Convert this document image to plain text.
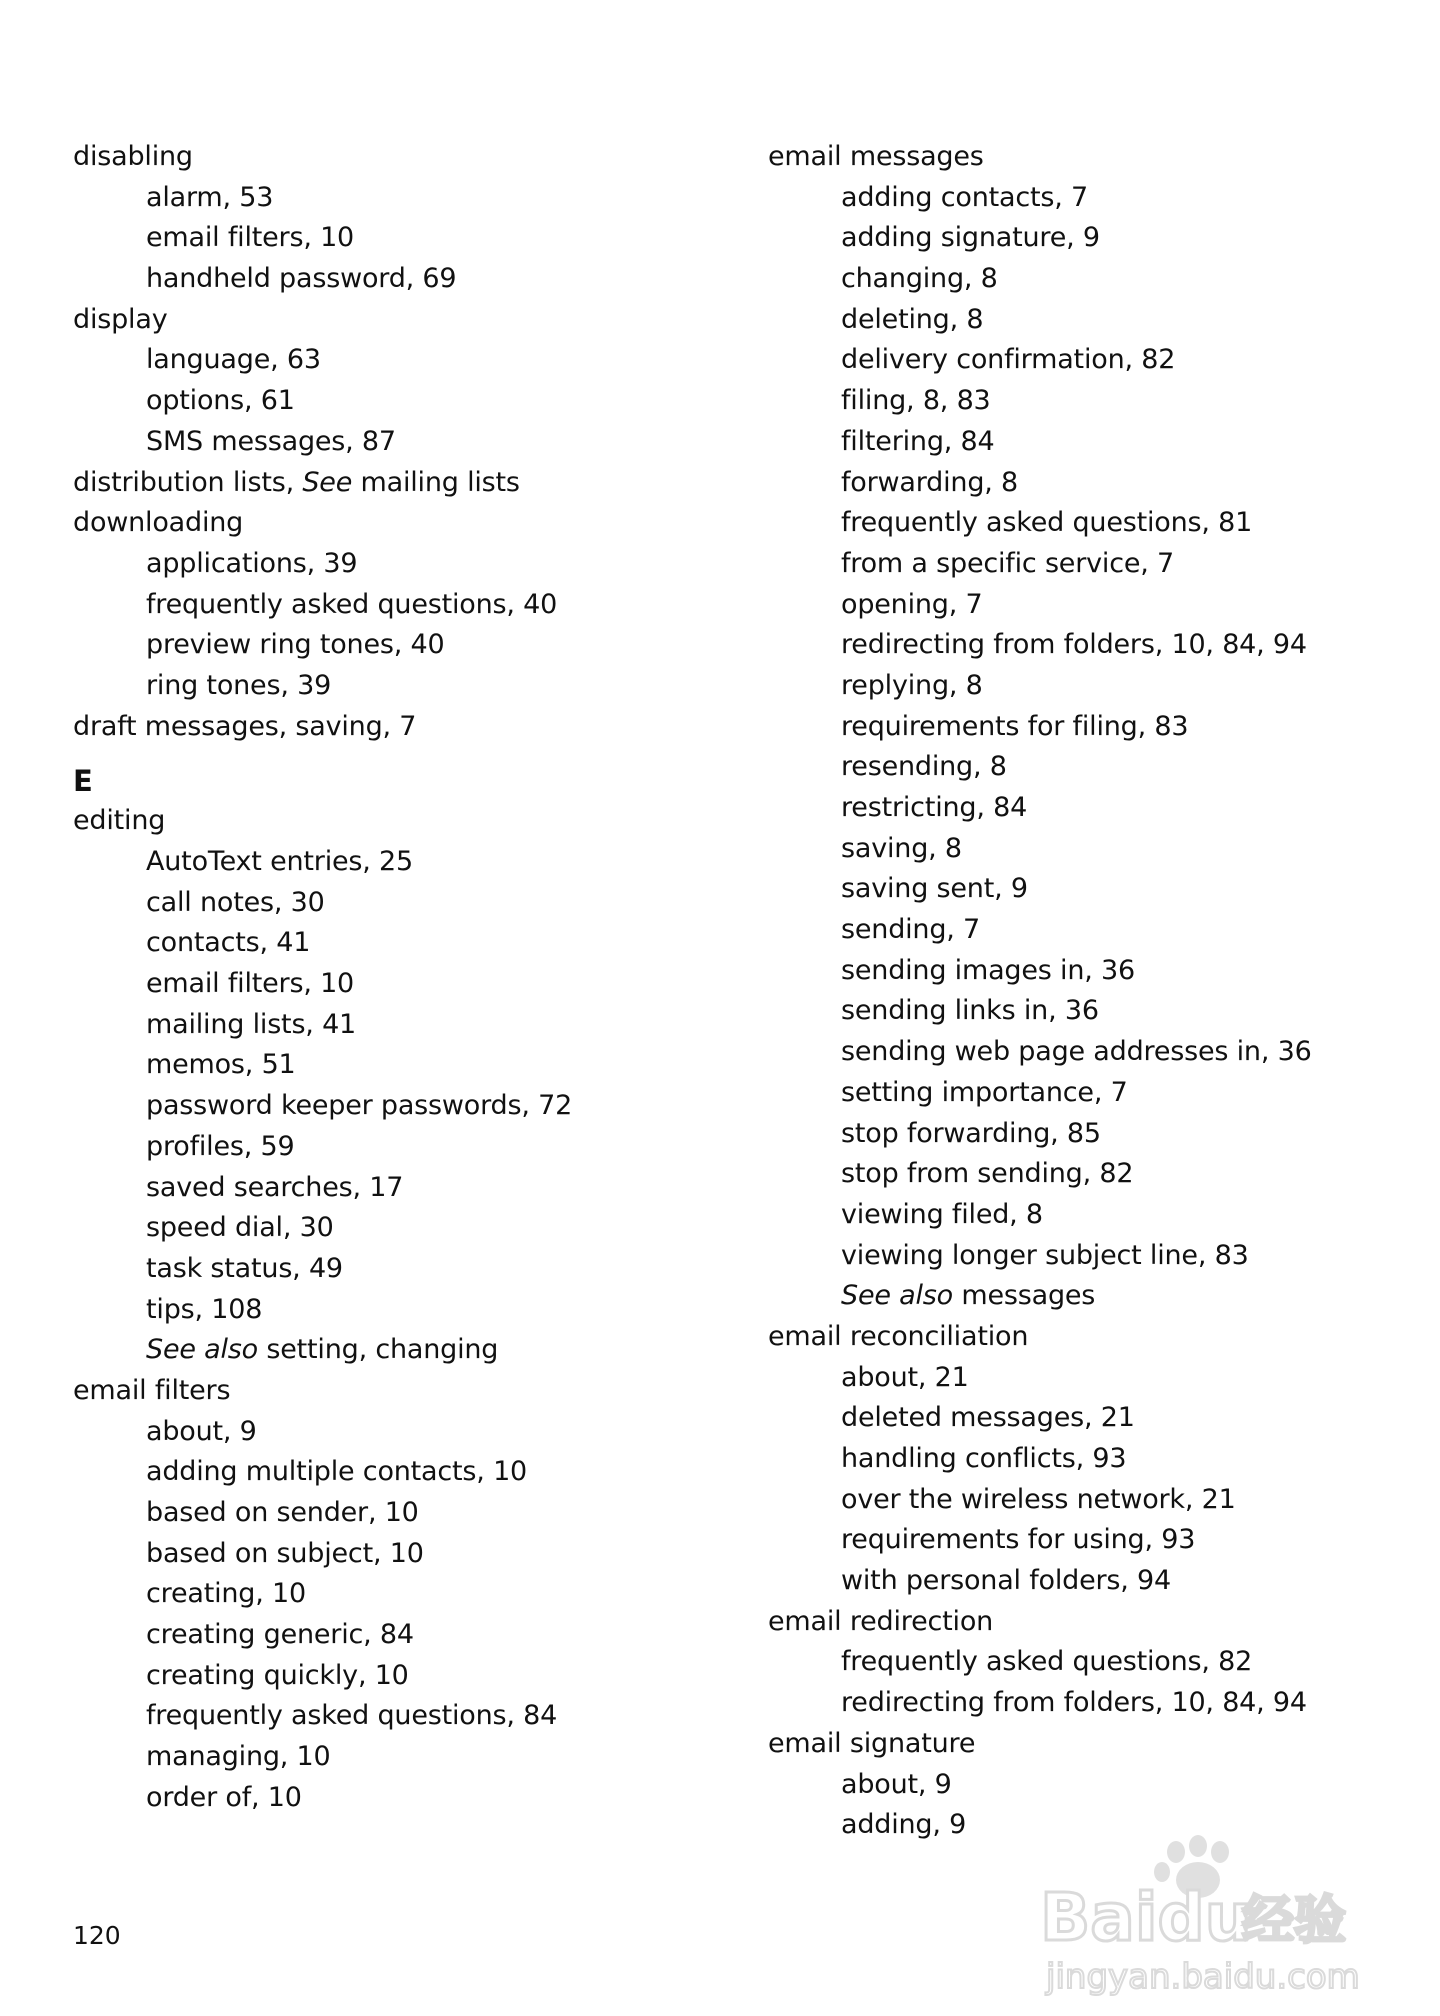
disabling
alarm, 53
email filters, 10
handheld password, 69
display
language, 63
options, 61
SMS messages, 87
distribution lists, See mailing lists
downloading
applications, 39
frequently asked questions, 40
preview ring tones, 40
ring tones, 39
draft messages, saving, 7
E
editing
AutoText entries, 25
call notes, 30
contacts, 41
email filters, 10
mailing lists, 41
memos, 51
password keeper passwords, 72
profiles, 59
saved searches, 17
speed dial, 30
task status, 49
tips, 108
See also setting, changing
email filters
about, 9
adding multiple contacts, 10
based on sender, 10
based on subject, 10
creating, 10
creating generic, 84
creating quickly, 10
frequently asked questions, 84
managing, 10
order of, 10
email messages
adding contacts, 7
adding signature, 9
changing, 8
deleting, 8
delivery confirmation, 82
filing, 8, 83
filtering, 84
forwarding, 8
frequently asked questions, 81
from a specific service, 7
opening, 7
redirecting from folders, 10, 84, 94
replying, 8
requirements for filing, 83
resending, 8
restricting, 84
saving, 8
saving sent, 9
sending, 7
sending images in, 36
sending links in, 36
sending web page addresses in, 36
setting importance, 7
stop forwarding, 85
stop from sending, 82
viewing filed, 8
viewing longer subject line, 83
See also messages
email reconciliation
about, 21
deleted messages, 21
handling conflicts, 93
over the wireless network, 21
requirements for using, 93
with personal folders, 94
email redirection
frequently asked questions, 82
redirecting from folders, 10, 84, 94
email signature
about, 9
adding, 9
120	Baidu
经验
jingyan.baidu.com
